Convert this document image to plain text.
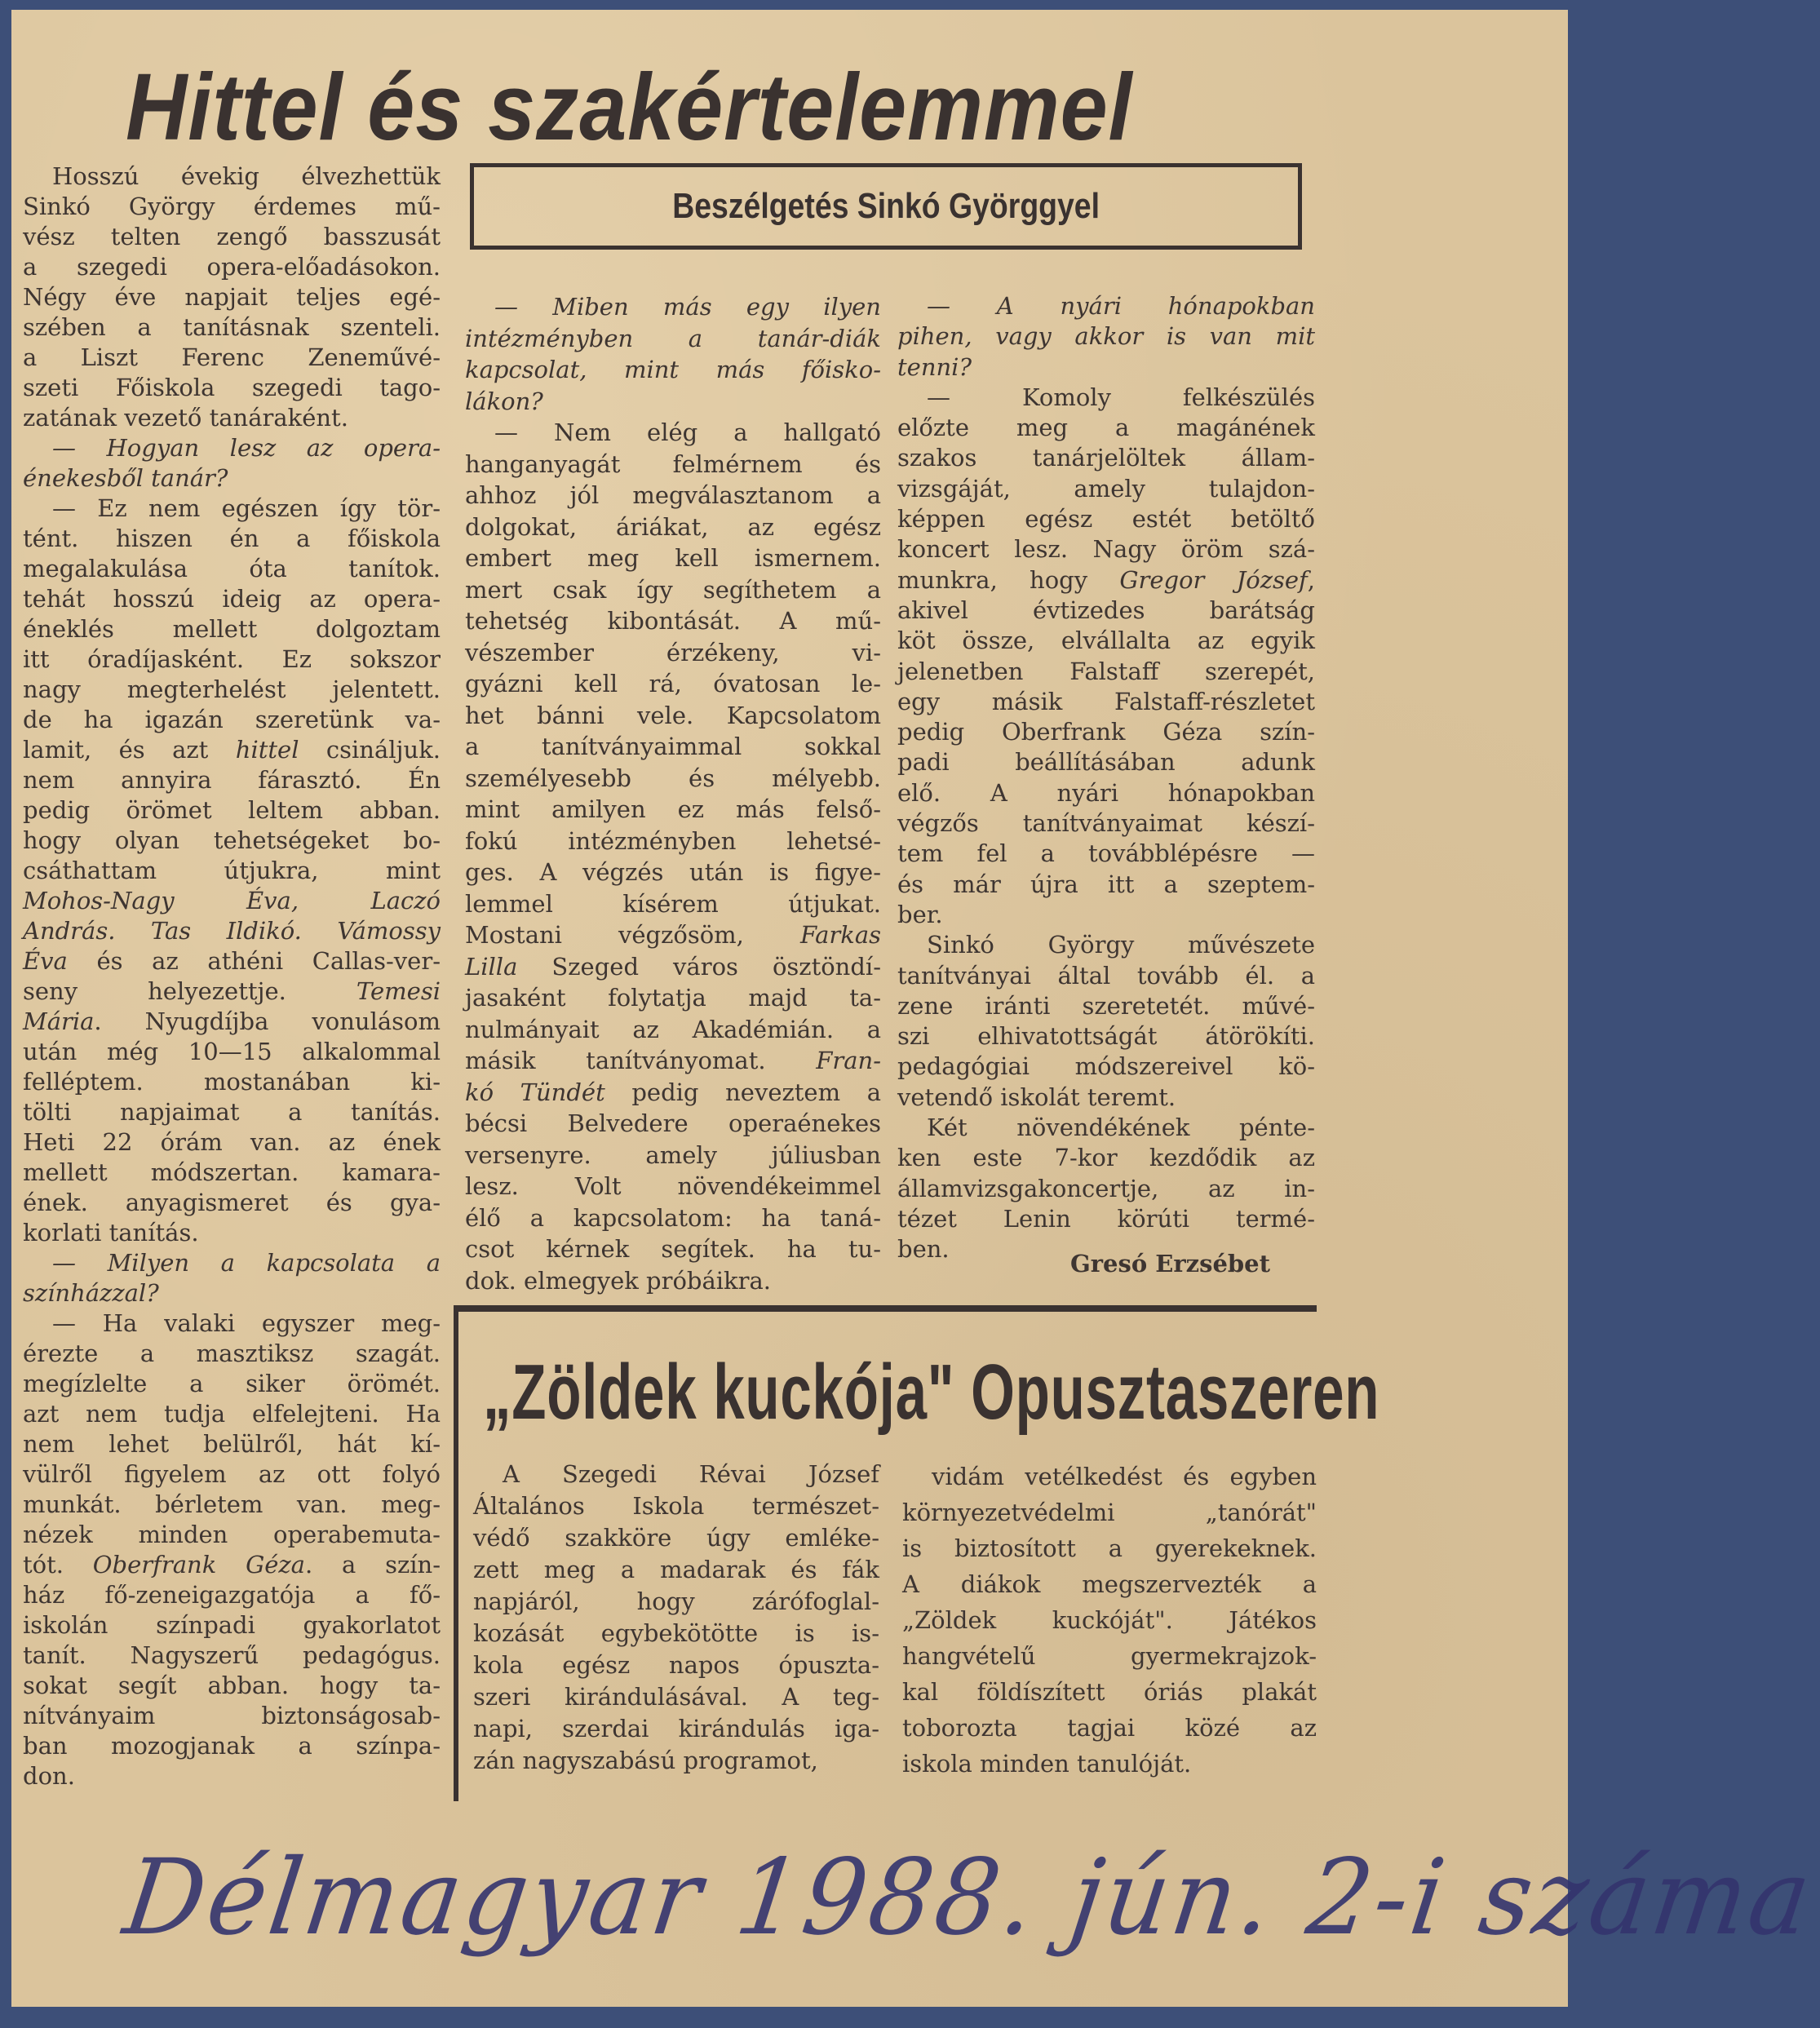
Hittel és szakértelemmel
Beszélgetés Sinkó Györggyel
Hosszú évekig élvezhettük
Sinkó György érdemes mű-
vész telten zengő basszusát
a szegedi opera-előadásokon.
Négy éve napjait teljes egé-
szében a tanításnak szenteli.
a Liszt Ferenc Zeneművé-
szeti Főiskola szegedi tago-
zatának vezető tanáraként.
— Hogyan lesz az opera-
énekesből tanár?
— Ez nem egészen így tör-
tént. hiszen én a főiskola
megalakulása óta tanítok.
tehát hosszú ideig az opera-
éneklés mellett dolgoztam
itt óradíjasként. Ez sokszor
nagy megterhelést jelentett.
de ha igazán szeretünk va-
lamit, és azt hittel csináljuk.
nem annyira fárasztó. Én
pedig örömet leltem abban.
hogy olyan tehetségeket bo-
csáthattam útjukra, mint
Mohos-Nagy Éva, Laczó
András. Tas Ildikó. Vámossy
Éva és az athéni Callas-ver-
seny helyezettje. Temesi
Mária. Nyugdíjba vonulásom
után még 10—15 alkalommal
felléptem. mostanában ki-
tölti napjaimat a tanítás.
Heti 22 órám van. az ének
mellett módszertan. kamara-
ének. anyagismeret és gya-
korlati tanítás.
— Milyen a kapcsolata a
színházzal?
— Ha valaki egyszer meg-
érezte a masztiksz szagát.
megízlelte a siker örömét.
azt nem tudja elfelejteni. Ha
nem lehet belülről, hát kí-
vülről figyelem az ott folyó
munkát. bérletem van. meg-
nézek minden operabemuta-
tót. Oberfrank Géza. a szín-
ház fő-zeneigazgatója a fő-
iskolán színpadi gyakorlatot
tanít. Nagyszerű pedagógus.
sokat segít abban. hogy ta-
nítványaim biztonságosab-
ban mozogjanak a színpa-
don.
— Miben más egy ilyen
intézményben a tanár-diák
kapcsolat, mint más főisko-
lákon?
— Nem elég a hallgató
hanganyagát felmérnem és
ahhoz jól megválasztanom a
dolgokat, áriákat, az egész
embert meg kell ismernem.
mert csak így segíthetem a
tehetség kibontását. A mű-
vészember érzékeny, vi-
gyázni kell rá, óvatosan le-
het bánni vele. Kapcsolatom
a tanítványaimmal sokkal
személyesebb és mélyebb.
mint amilyen ez más felső-
fokú intézményben lehetsé-
ges. A végzés után is figye-
lemmel kísérem útjukat.
Mostani végzősöm, Farkas
Lilla Szeged város ösztöndí-
jasaként folytatja majd ta-
nulmányait az Akadémián. a
másik tanítványomat. Fran-
kó Tündét pedig neveztem a
bécsi Belvedere operaénekes
versenyre. amely júliusban
lesz. Volt növendékeimmel
élő a kapcsolatom: ha taná-
csot kérnek segítek. ha tu-
dok. elmegyek próbáikra.
— A nyári hónapokban
pihen, vagy akkor is van mit
tenni?
— Komoly felkészülés
előzte meg a magánének
szakos tanárjelöltek állam-
vizsgáját, amely tulajdon-
képpen egész estét betöltő
koncert lesz. Nagy öröm szá-
munkra, hogy Gregor József,
akivel évtizedes barátság
köt össze, elvállalta az egyik
jelenetben Falstaff szerepét,
egy másik Falstaff-részletet
pedig Oberfrank Géza szín-
padi beállításában adunk
elő. A nyári hónapokban
végzős tanítványaimat készí-
tem fel a továbblépésre —
és már újra itt a szeptem-
ber.
Sinkó György művészete
tanítványai által tovább él. a
zene iránti szeretetét. művé-
szi elhivatottságát átörökíti.
pedagógiai módszereivel kö-
vetendő iskolát teremt.
Két növendékének pénte-
ken este 7-kor kezdődik az
államvizsgakoncertje, az in-
tézet Lenin körúti termé-
ben.
Gresó Erzsébet
„Zöldek kuckója" Opusztaszeren
A Szegedi Révai József
Általános Iskola természet-
védő szakköre úgy emléke-
zett meg a madarak és fák
napjáról, hogy zárófoglal-
kozását egybekötötte is is-
kola egész napos ópuszta-
szeri kirándulásával. A teg-
napi, szerdai kirándulás iga-
zán nagyszabású programot,
vidám vetélkedést és egyben
környezetvédelmi „tanórát"
is biztosított a gyerekeknek.
A diákok megszervezték a
„Zöldek kuckóját". Játékos
hangvételű gyermekrajzok-
kal földíszített óriás plakát
toborozta tagjai közé az
iskola minden tanulóját.
Délmagyar 1988. jún. 2-i száma
